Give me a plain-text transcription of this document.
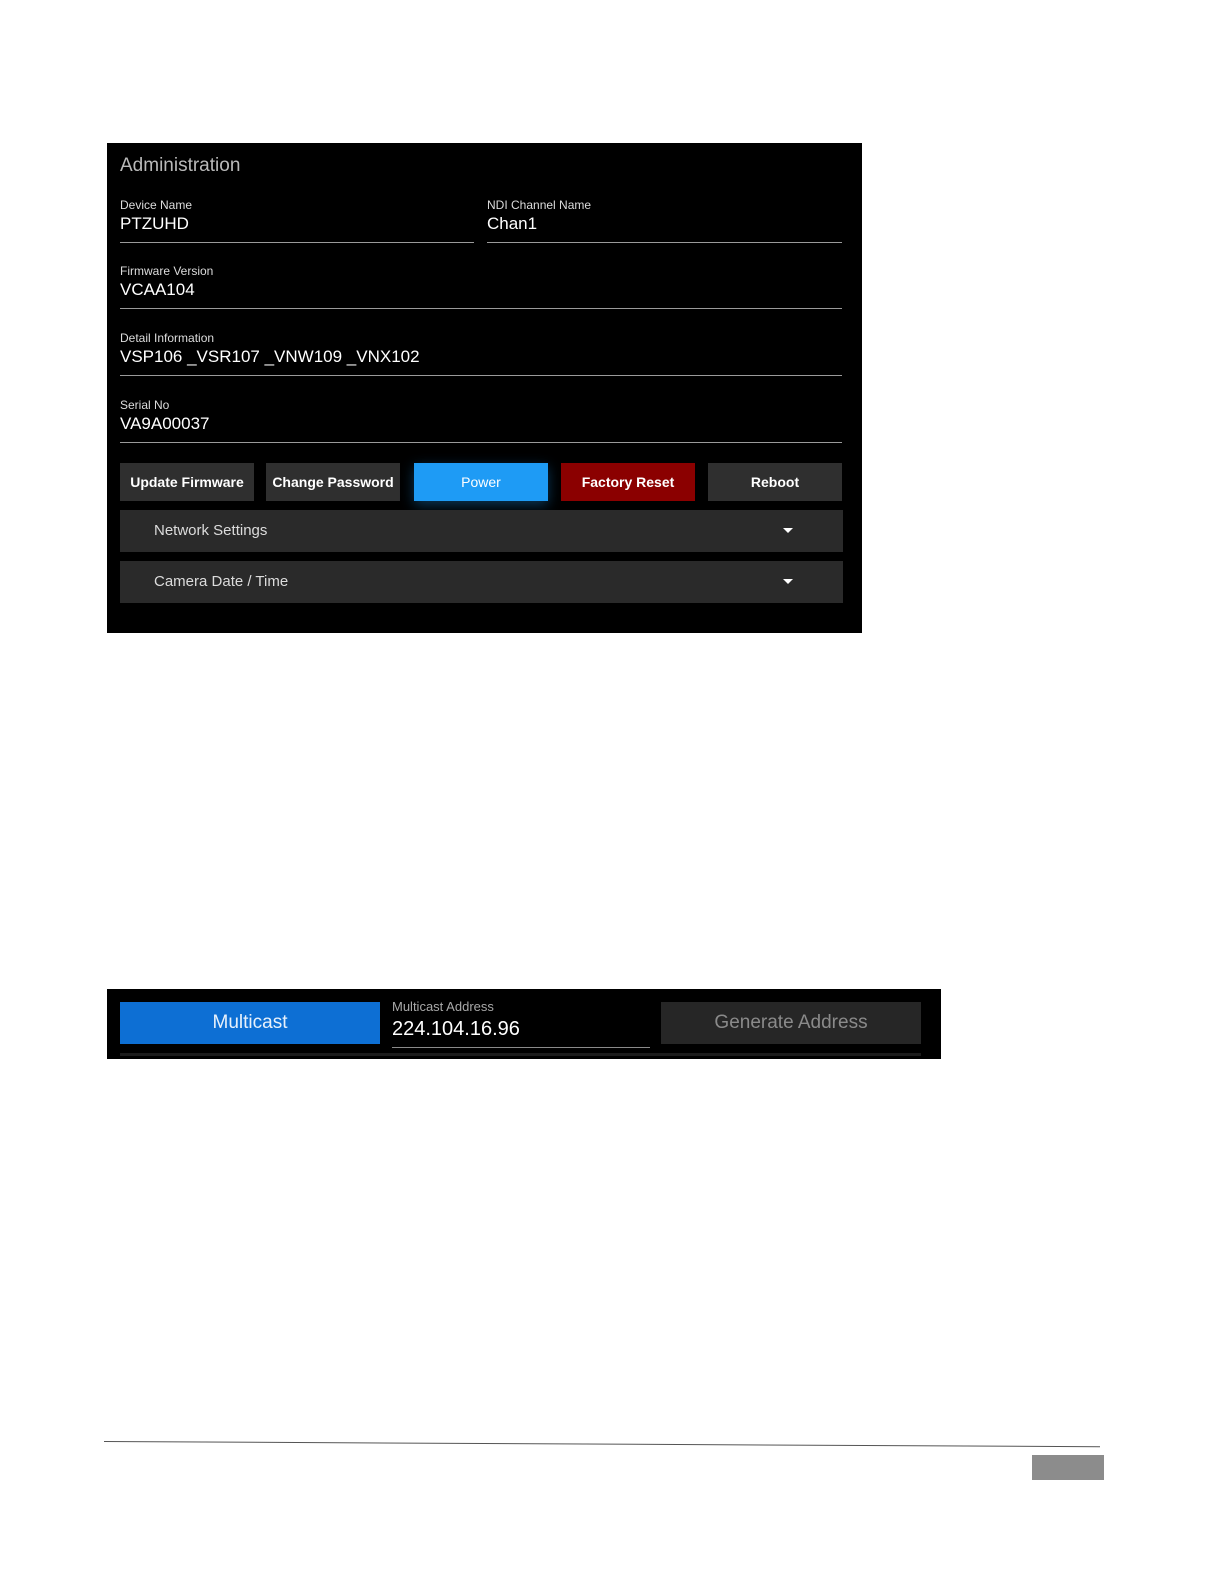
Administration
Device Name
PTZUHD
NDI Channel Name
Chan1
Firmware Version
VCAA104
Detail Information
VSP106 _VSR107 _VNW109 _VNX102
Serial No
VA9A00037
Update Firmware	Change Password	Power	Factory Reset	Reboot
Network Settings
Camera Date / Time
Multicast
Multicast Address
224.104.16.96	Generate Address
